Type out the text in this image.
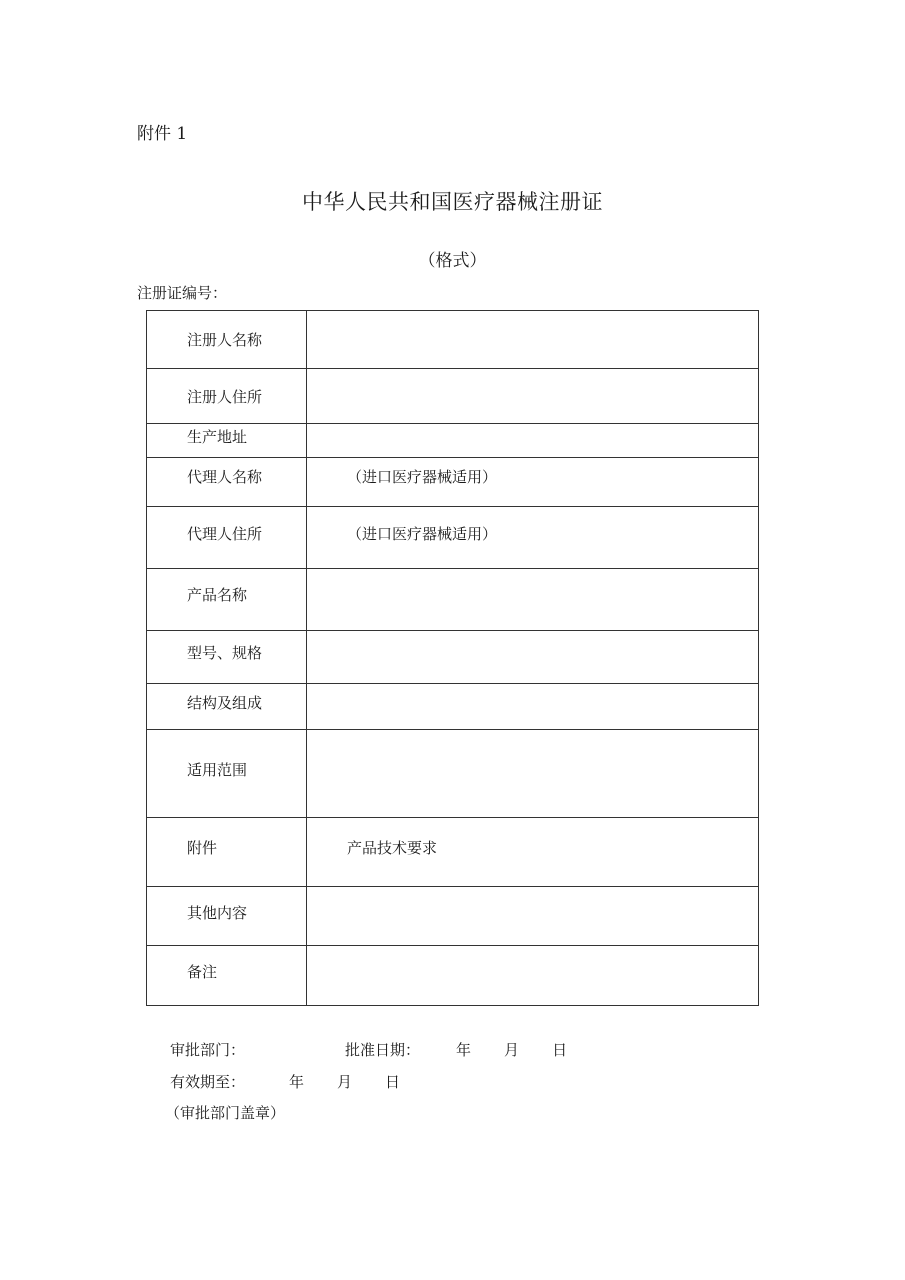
附件 1
中华人民共和国医疗器械注册证
（格式）
注册证编号：
注册人名称	
注册人住所	
生产地址	
代理人名称	（进口医疗器械适用）
代理人住所	（进口医疗器械适用）
产品名称	
型号、规格	
结构及组成	
适用范围	
附件	产品技术要求
其他内容	
备注	
审批部门：	批准日期： 年 月 日
有效期至：	年 月 日
（审批部门盖章）
